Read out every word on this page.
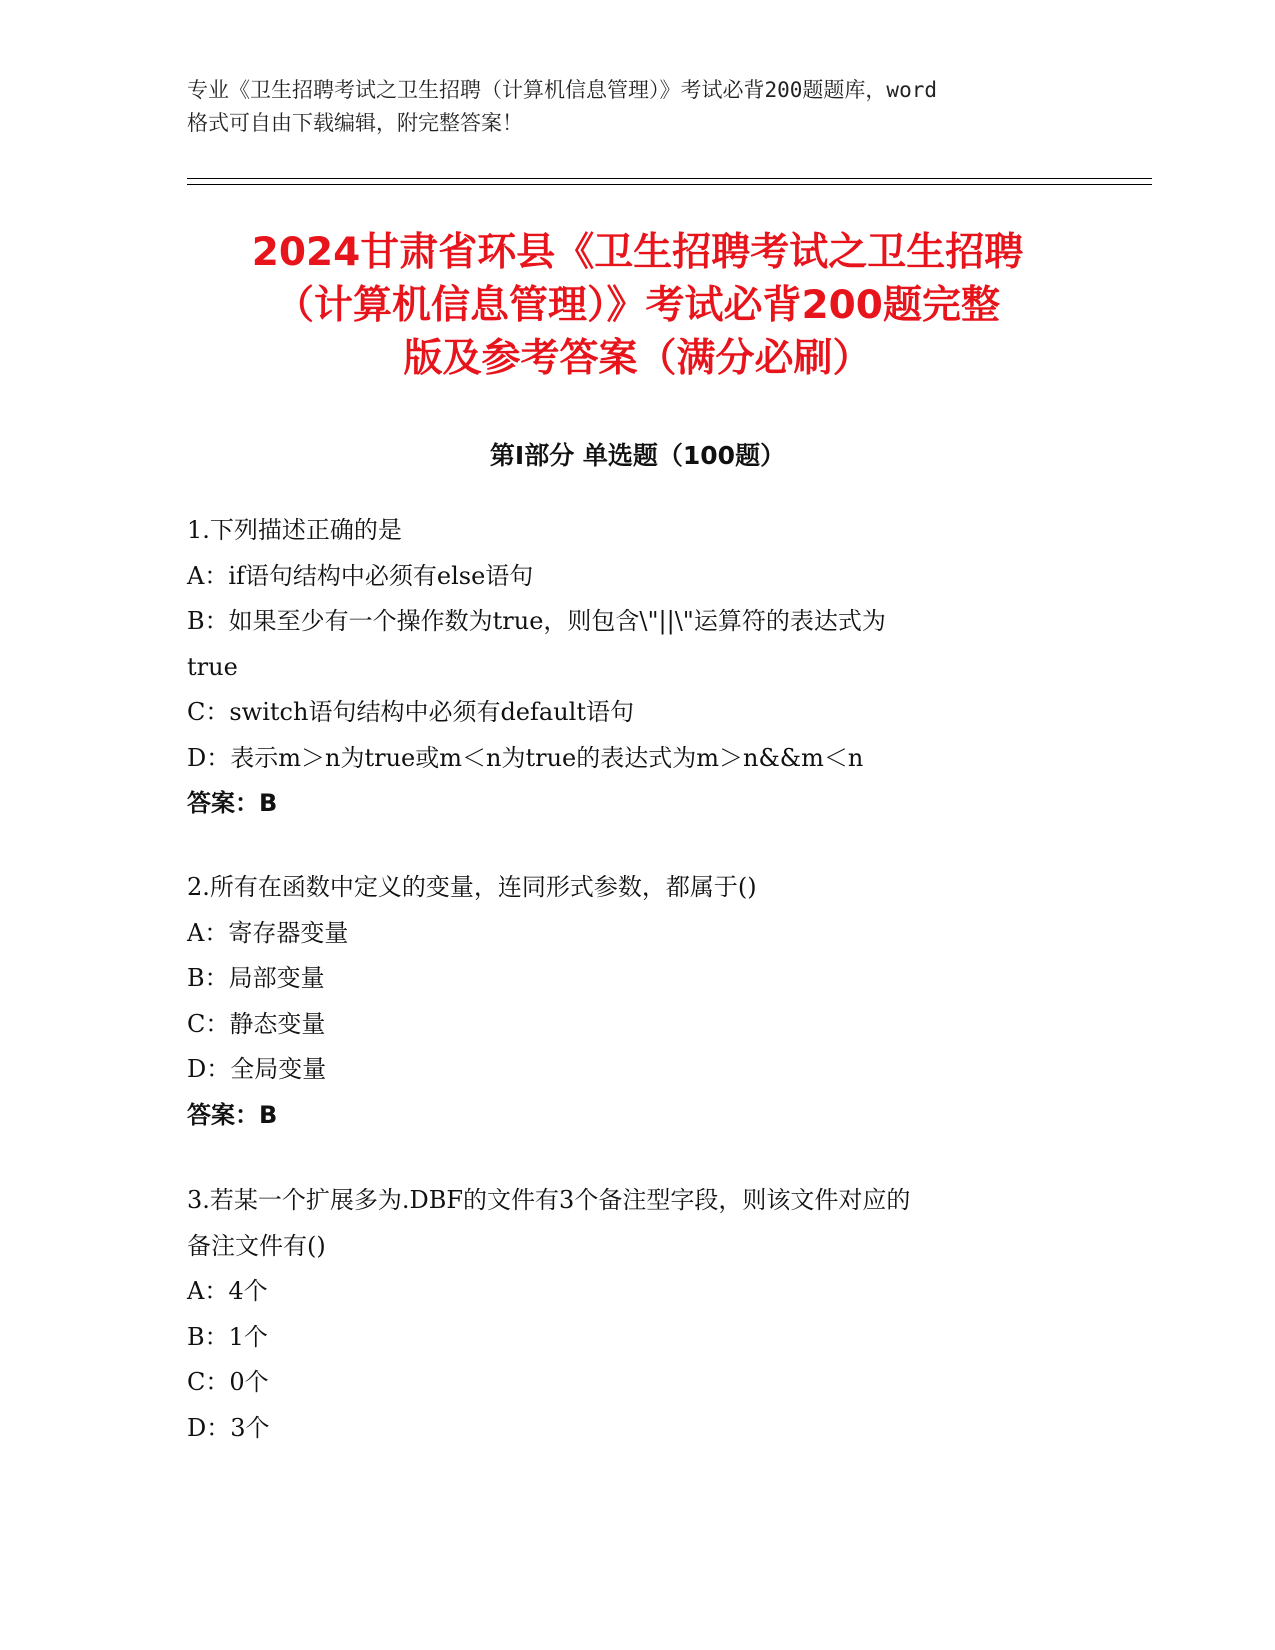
专业《卫生招聘考试之卫生招聘（计算机信息管理）》考试必背200题题库，word
格式可自由下载编辑，附完整答案！
2024甘肃省环县《卫生招聘考试之卫生招聘
（计算机信息管理）》考试必背200题完整
版及参考答案（满分必刷）
第Ⅰ部分 单选题（100题）
1.下列描述正确的是
A：if语句结构中必须有else语句
B：如果至少有一个操作数为true，则包含\"||\"运算符的表达式为
true
C：switch语句结构中必须有default语句
D：表示m＞n为true或m＜n为true的表达式为m＞n&&m＜n
答案：B
2.所有在函数中定义的变量，连同形式参数，都属于()
A：寄存器变量
B：局部变量
C：静态变量
D：全局变量
答案：B
3.若某一个扩展多为.DBF的文件有3个备注型字段，则该文件对应的
备注文件有()
A：4个
B：1个
C：0个
D：3个
